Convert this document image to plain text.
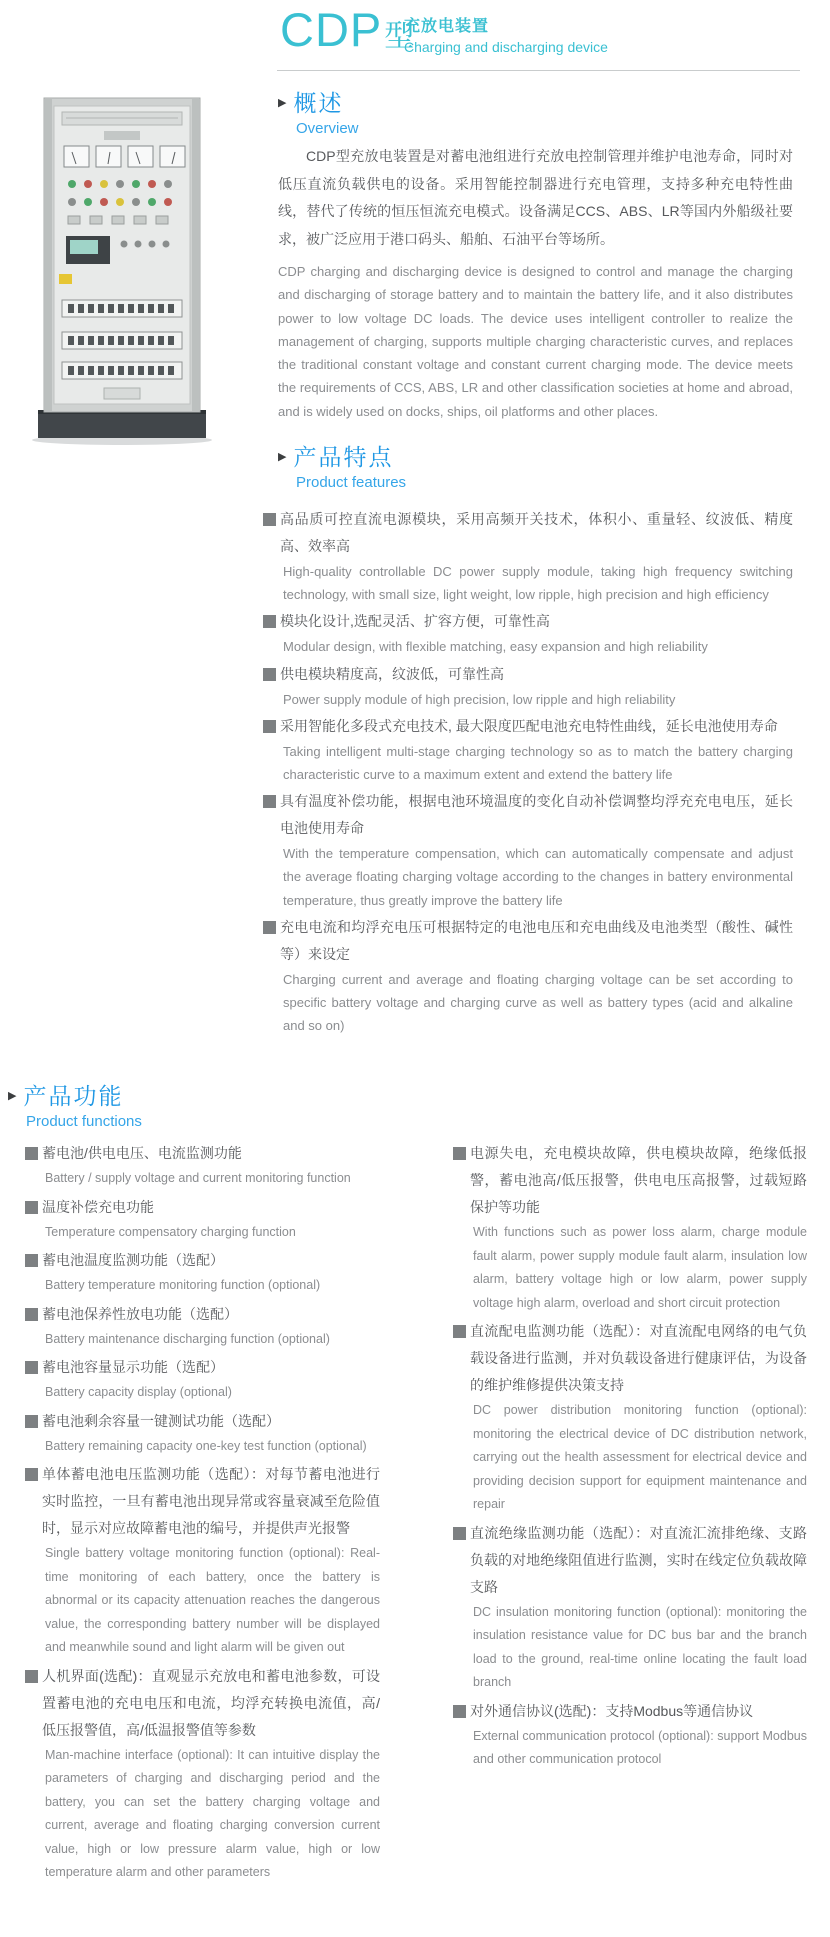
CDP型
充放电装置
Charging and discharging device
▶ 概述
Overview
CDP型充放电装置是对蓄电池组进行充放电控制管理并维护电池寿命，同时对低压直流负载供电的设备。采用智能控制器进行充电管理，支持多种充电特性曲线，替代了传统的恒压恒流充电模式。设备满足CCS、ABS、LR等国内外船级社要求，被广泛应用于港口码头、船舶、石油平台等场所。
CDP charging and discharging device is designed to control and manage the charging and discharging of storage battery and to maintain the battery life, and it also distributes power to low voltage DC loads. The device uses intelligent controller to realize the management of charging, supports multiple charging characteristic curves, and replaces the traditional constant voltage and constant current charging mode. The device meets the requirements of CCS, ABS, LR and other classification societies at home and abroad, and is widely used on docks, ships, oil platforms and other places.
▶ 产品特点
Product features
高品质可控直流电源模块，采用高频开关技术，体积小、重量轻、纹波低、精度高、效率高
High-quality controllable DC power supply module, taking high frequency switching technology, with small size, light weight, low ripple, high precision and high efficiency
模块化设计,选配灵活、扩容方便，可靠性高
Modular design, with flexible matching, easy expansion and high reliability
供电模块精度高，纹波低，可靠性高
Power supply module of high precision, low ripple and high reliability
采用智能化多段式充电技术, 最大限度匹配电池充电特性曲线，延长电池使用寿命
Taking intelligent multi-stage charging technology so as to match the battery charging characteristic curve to a maximum extent and extend the battery life
具有温度补偿功能，根据电池环境温度的变化自动补偿调整均浮充充电电压，延长电池使用寿命
With the temperature compensation, which can automatically compensate and adjust the average floating charging voltage according to the changes in battery environmental temperature, thus greatly improve the battery life
充电电流和均浮充电压可根据特定的电池电压和充电曲线及电池类型（酸性、碱性等）来设定
Charging current and average and floating charging voltage can be set according to specific battery voltage and charging curve as well as battery types (acid and alkaline and so on)
▶ 产品功能
Product functions
蓄电池/供电电压、电流监测功能
Battery / supply voltage and current monitoring function
温度补偿充电功能
Temperature compensatory charging function
蓄电池温度监测功能（选配）
Battery temperature monitoring function (optional)
蓄电池保养性放电功能（选配）
Battery maintenance discharging function (optional)
蓄电池容量显示功能（选配）
Battery capacity display (optional)
蓄电池剩余容量一键测试功能（选配）
Battery remaining capacity one-key test function (optional)
单体蓄电池电压监测功能（选配）：对每节蓄电池进行实时监控，一旦有蓄电池出现异常或容量衰减至危险值时，显示对应故障蓄电池的编号，并提供声光报警
Single battery voltage monitoring function (optional): Real-time monitoring of each battery, once the battery is abnormal or its capacity attenuation reaches the dangerous value, the corresponding battery number will be displayed and meanwhile sound and light alarm will be given out
人机界面(选配)：直观显示充放电和蓄电池参数，可设置蓄电池的充电电压和电流，均浮充转换电流值，高/低压报警值，高/低温报警值等参数
Man-machine interface (optional): It can intuitive display the parameters of charging and discharging period and the battery, you can set the battery charging voltage and current, average and floating charging conversion current value, high or low pressure alarm value, high or low temperature alarm and other parameters
电源失电，充电模块故障，供电模块故障，绝缘低报警，蓄电池高/低压报警，供电电压高报警，过载短路保护等功能
With functions such as power loss alarm, charge module fault alarm, power supply module fault alarm, insulation low alarm, battery voltage high or low alarm, power supply voltage high alarm, overload and short circuit protection
直流配电监测功能（选配）：对直流配电网络的电气负载设备进行监测，并对负载设备进行健康评估，为设备的维护维修提供决策支持
DC power distribution monitoring function (optional): monitoring the electrical device of DC distribution network, carrying out the health assessment for electrical device and providing decision support for equipment maintenance and repair
直流绝缘监测功能（选配）：对直流汇流排绝缘、支路负载的对地绝缘阻值进行监测，实时在线定位负载故障支路
DC insulation monitoring function (optional): monitoring the insulation resistance value for DC bus bar and the branch load to the ground, real-time online locating the fault load branch
对外通信协议(选配)：支持Modbus等通信协议
External communication protocol (optional): support Modbus and other communication protocol
